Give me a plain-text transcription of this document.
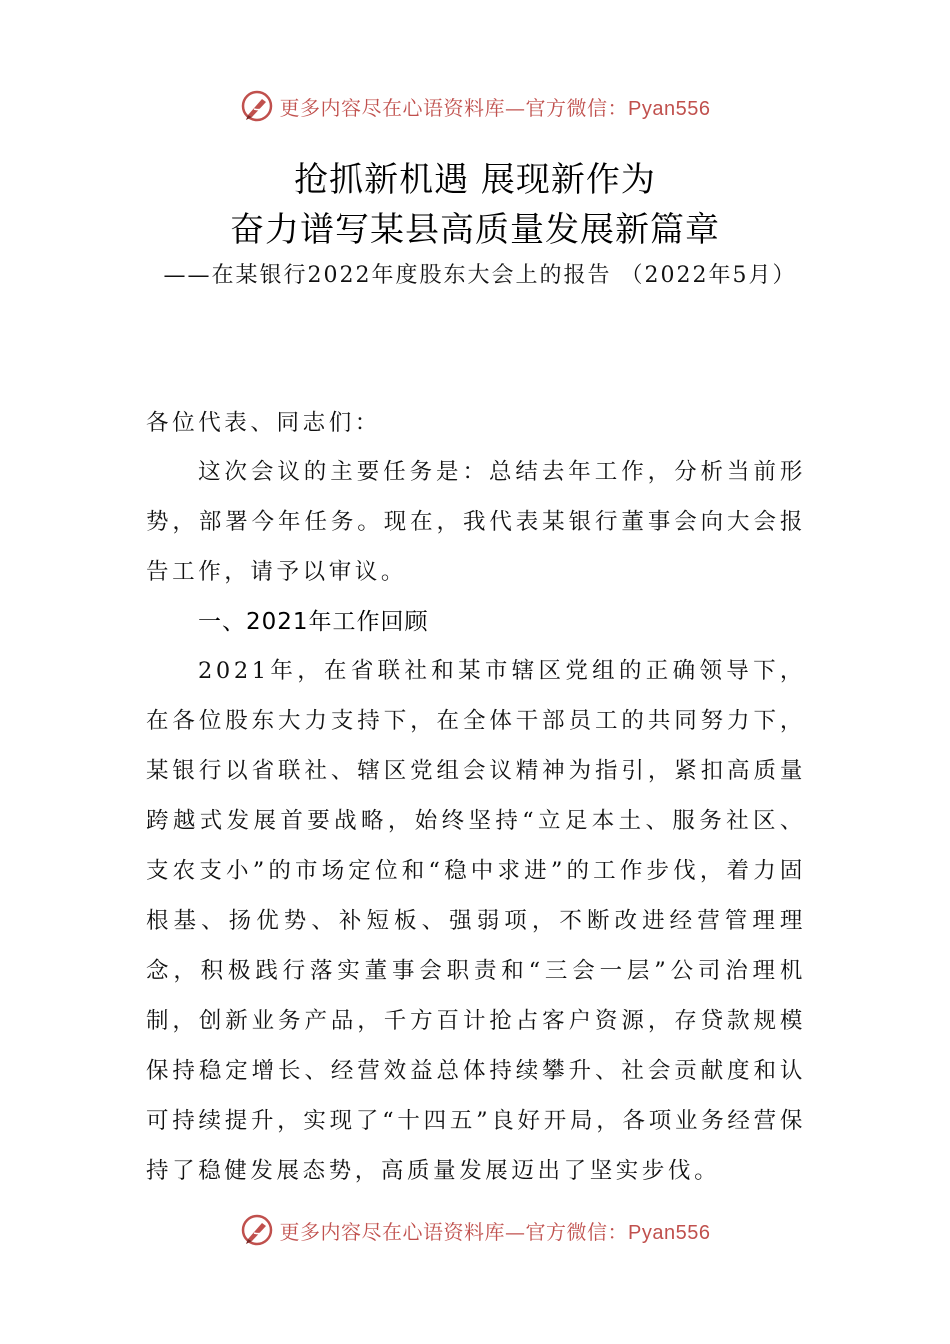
更多内容尽在心语资料库—官方微信：Pyan556
抢抓新机遇 展现新作为
奋力谱写某县高质量发展新篇章
——在某银行2022年度股东大会上的报告 （2022年5月）
各位代表、同志们：
这次会议的主要任务是：总结去年工作，分析当前形势，部署今年任务。现在，我代表某银行董事会向大会报告工作，请予以审议。
一、2021年工作回顾
2021年，在省联社和某市辖区党组的正确领导下，在各位股东大力支持下，在全体干部员工的共同努力下，某银行以省联社、辖区党组会议精神为指引，紧扣高质量跨越式发展首要战略，始终坚持“立足本土、服务社区、支农支小”的市场定位和“稳中求进”的工作步伐，着力固根基、扬优势、补短板、强弱项，不断改进经营管理理念，积极践行落实董事会职责和“三会一层”公司治理机制，创新业务产品，千方百计抢占客户资源，存贷款规模保持稳定增长、经营效益总体持续攀升、社会贡献度和认可持续提升，实现了“十四五”良好开局，各项业务经营保持了稳健发展态势，高质量发展迈出了坚实步伐。
更多内容尽在心语资料库—官方微信：Pyan556
